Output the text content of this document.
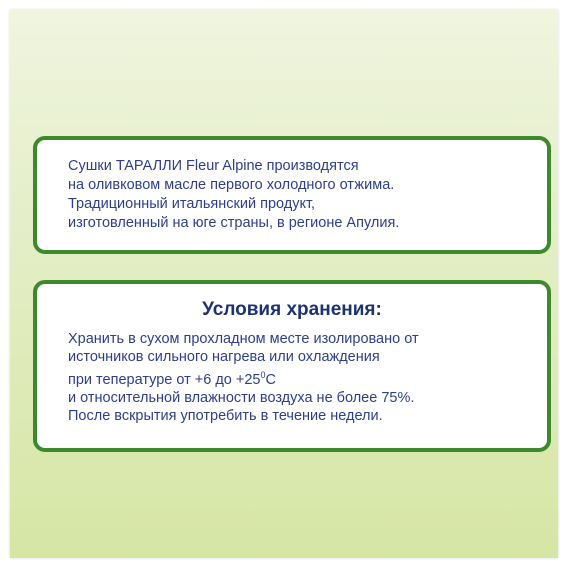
Сушки ТАРАЛЛИ Fleur Alpine производятся
на оливковом масле первого холодного отжима.
Традиционный итальянский продукт,
изготовленный на юге страны, в регионе Апулия.
Условия хранения:
Хранить в сухом прохладном месте изолировано от
источников сильного нагрева или охлаждения
при тепературе от +6 до $+25^0С$
и относительной влажности воздуха не более 75%.
После вскрытия употребить в течение недели.
